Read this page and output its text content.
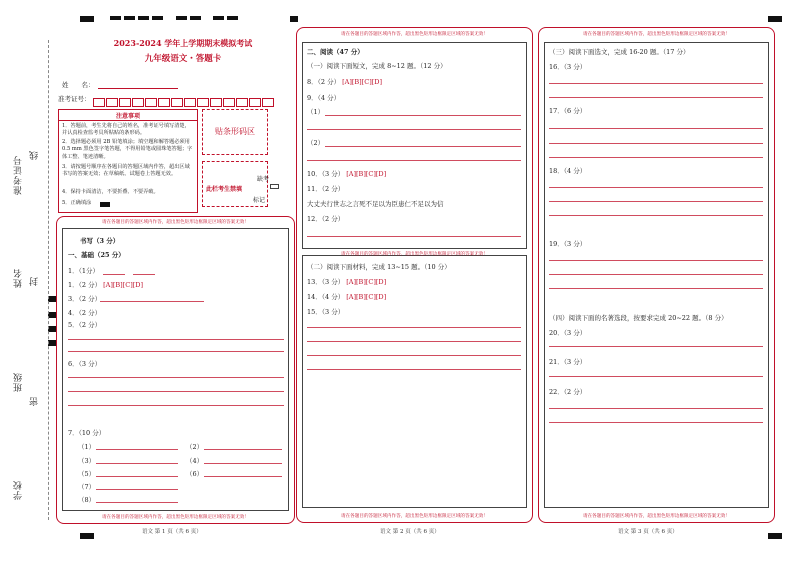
准考证号 线
姓名 封
班级
密
学校
2023-2024 学年上学期期末模拟考试
九年级语文・答题卡
姓　　名：
准考证号：
注意事项
1．答题前，考生先将自己的姓名，准考证号填写清楚，并认真检查监考员所粘贴的条形码。
2．选择题必须用 2B 铅笔填涂；填空题和解答题必须用 0.5 mm 黑色签字笔答题，不得用铅笔或圆珠笔答题；字体工整、笔迹清晰。
3．请按题号顺序在各题目的答题区域内作答，超出区域书写的答案无效；在草稿纸、试题卷上答题无效。
4．保持卡面清洁，不要折叠、不要弄破。
5．正确填涂
贴条形码区
缺考
此栏考生禁填
标记
请在各题目的答题区域内作答，超出黑色矩形边框限定区域的答案无效！
书写（3 分）
一、基础（25 分）
1．（1分）
1．（2 分） [A][B][C][D]
3．（2 分）
4．（2 分）
5．（2 分）
6．（3 分）
7．（10 分）
（1）	（2）
（3）	（4）
（5）	（6）
（7）
（8）
请在各题目的答题区域内作答，超出黑色矩形边框限定区域的答案无效！
语文 第 1 页（共 6 页）
请在各题目的答题区域内作答，超出黑色矩形边框限定区域的答案无效！
二、阅读（47 分）
（一）阅读下面短文，完成 8~12 题。（12 分）
8．（2 分） [A][B][C][D]
9．（4 分）
（1）
（2）
10．（3 分） [A][B][C][D]
11．（2 分）
大丈夫行世志之言死不足以为臣患仁不足以为信
12．（2 分）
（二）阅读下面材料，完成 13~15 题。（10 分）
13．（3 分） [A][B][C][D]
14．（4 分） [A][B][C][D]
15．（3 分）
请在各题目的答题区域内作答，超出黑色矩形边框限定区域的答案无效！
请在各题目的答题区域内作答，超出黑色矩形边框限定区域的答案无效！
语文 第 2 页（共 6 页）
请在各题目的答题区域内作答，超出黑色矩形边框限定区域的答案无效！
（三）阅读下面选文，完成 16-20 题。（17 分）
16．（3 分）
17．（6 分）
18．（4 分）
19．（3 分）
（四）阅读下面的名著选段，按要求完成 20~22 题。（8 分）
20．（3 分）
21．（3 分）
22．（2 分）
请在各题目的答题区域内作答，超出黑色矩形边框限定区域的答案无效！
语文 第 3 页（共 6 页）
